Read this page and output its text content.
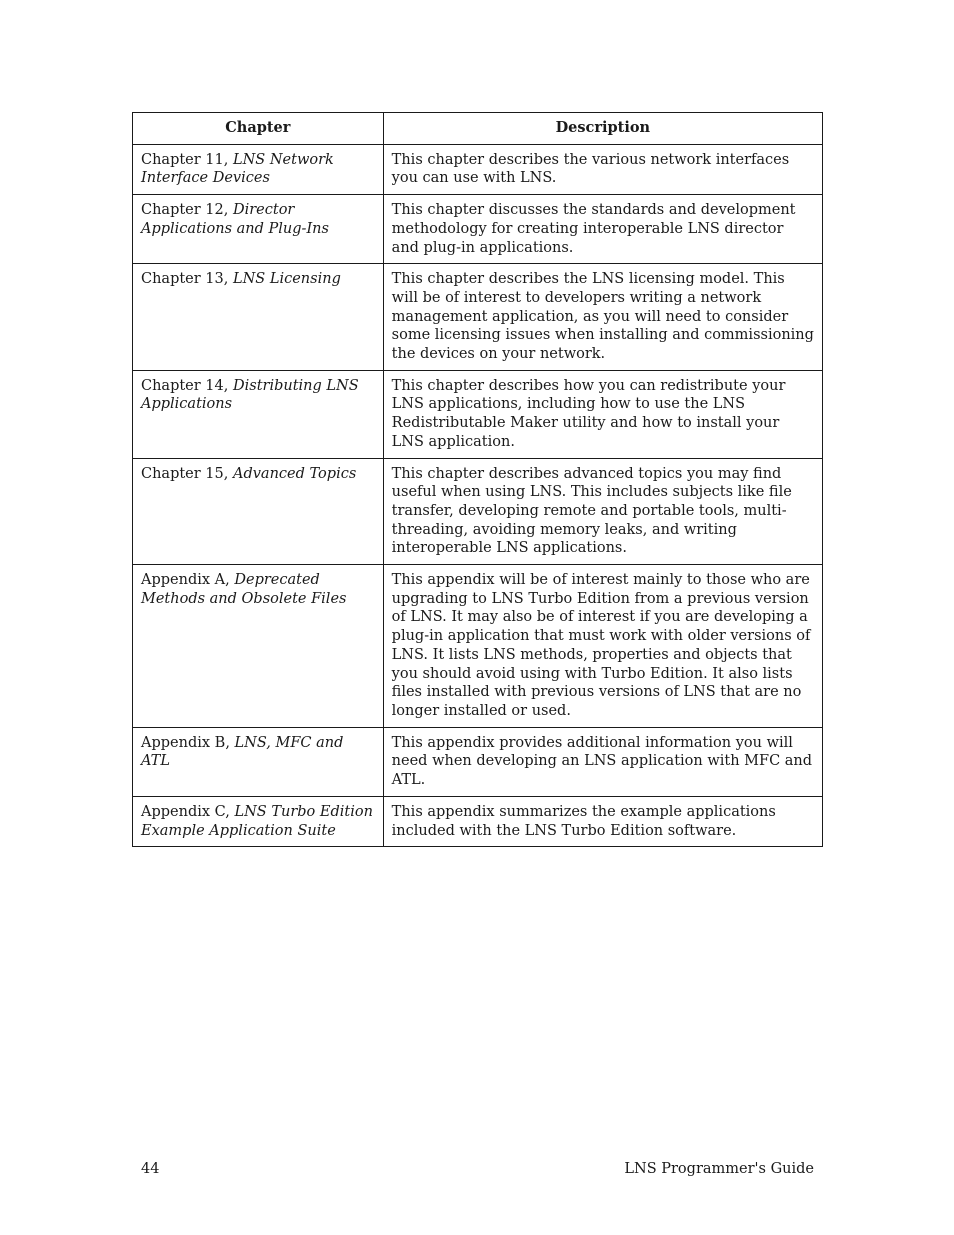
Chapter	Description
Chapter 11, LNS Network Interface Devices	This chapter describes the various network interfaces you can use with LNS.
Chapter 12, Director Applications and Plug-Ins	This chapter discusses the standards and development methodology for creating interoperable LNS director and plug-in applications.
Chapter 13, LNS Licensing	This chapter describes the LNS licensing model. This will be of interest to developers writing a network management application, as you will need to consider some licensing issues when installing and commissioning the devices on your network.
Chapter 14, Distributing LNS Applications	This chapter describes how you can redistribute your LNS applications, including how to use the LNS Redistributable Maker utility and how to install your LNS application.
Chapter 15, Advanced Topics	This chapter describes advanced topics you may find useful when using LNS. This includes subjects like file transfer, developing remote and portable tools, multi-threading, avoiding memory leaks, and writing interoperable LNS applications.
Appendix A, Deprecated Methods and Obsolete Files	This appendix will be of interest mainly to those who are upgrading to LNS Turbo Edition from a previous version of LNS. It may also be of interest if you are developing a plug-in application that must work with older versions of LNS. It lists LNS methods, properties and objects that you should avoid using with Turbo Edition. It also lists files installed with previous versions of LNS that are no longer installed or used.
Appendix B, LNS, MFC and ATL	This appendix provides additional information you will need when developing an LNS application with MFC and ATL.
Appendix C, LNS Turbo Edition Example Application Suite	This appendix summarizes the example applications included with the LNS Turbo Edition software.
44	LNS Programmer's Guide
